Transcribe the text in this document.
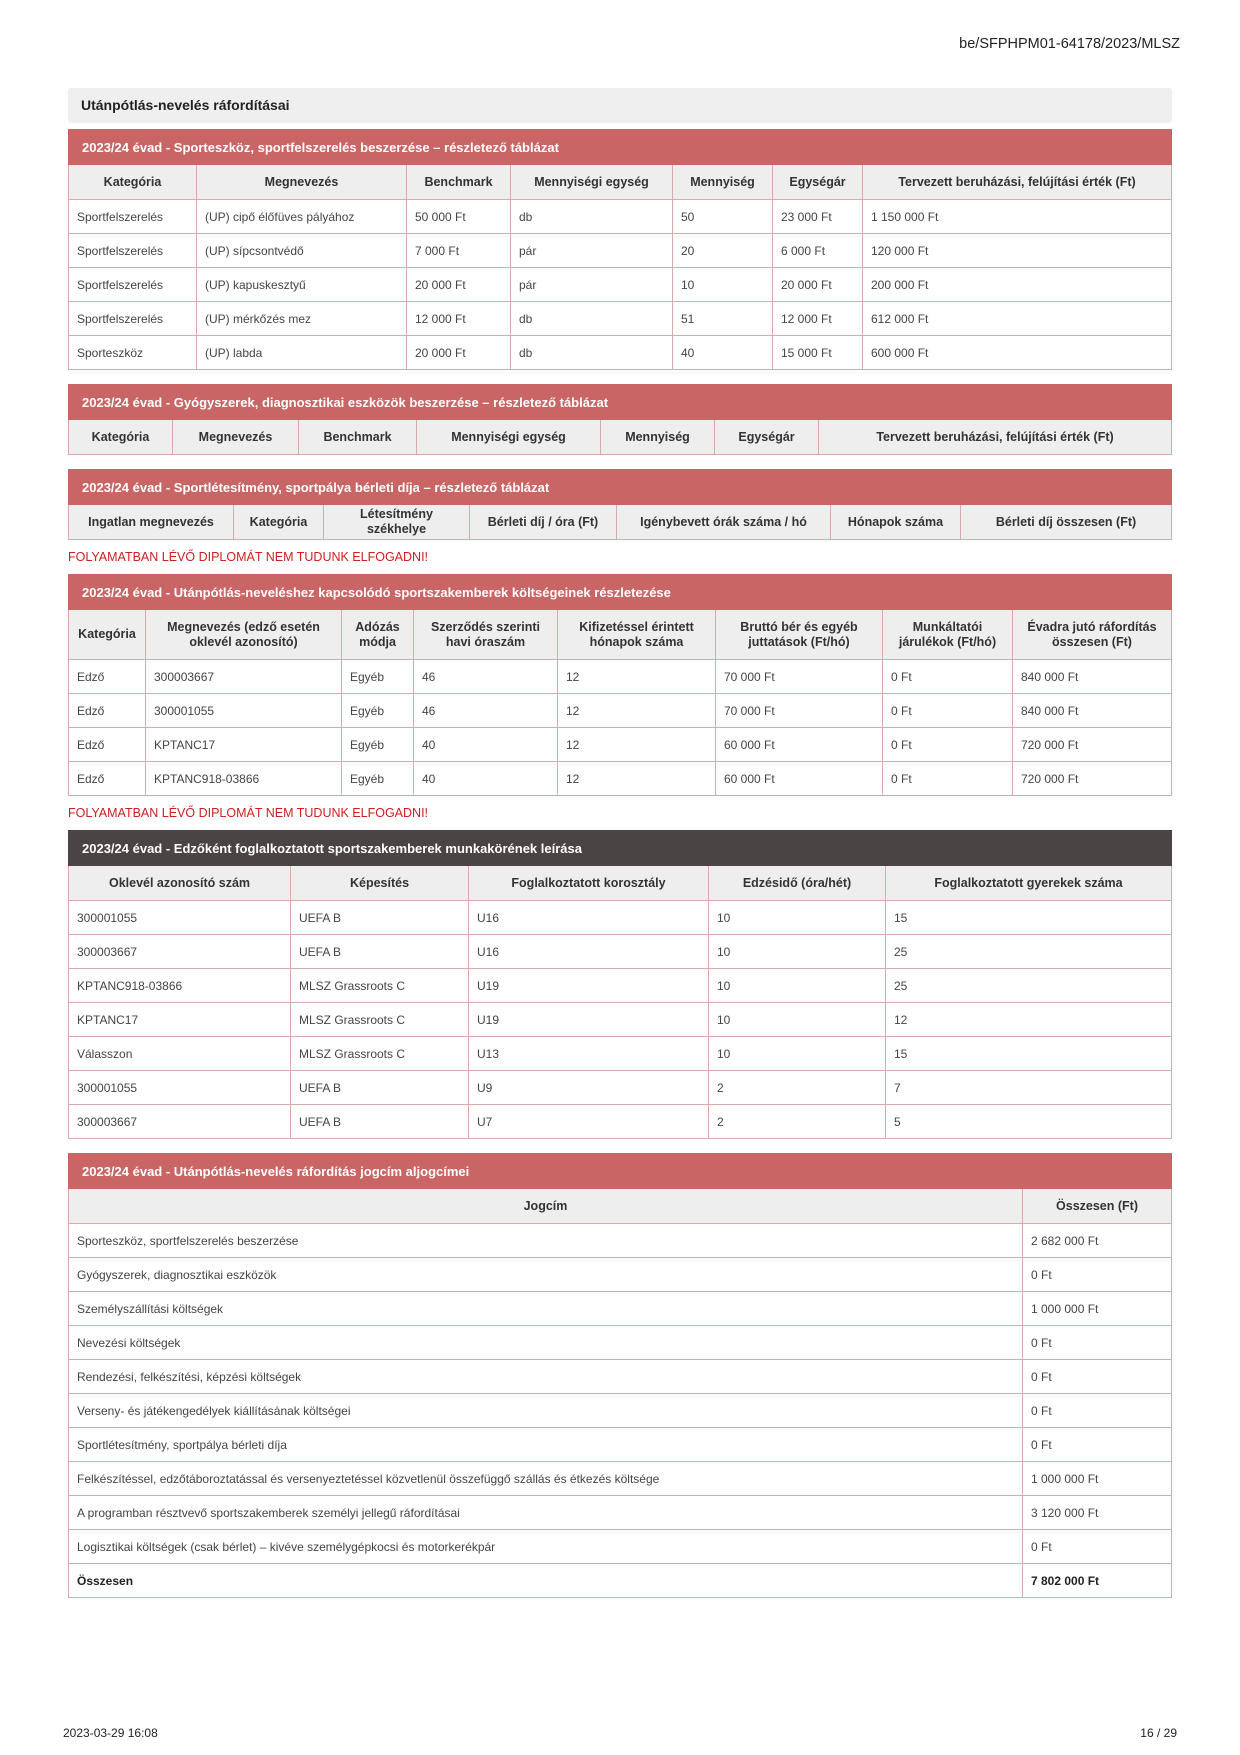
be/SFPHPM01-64178/2023/MLSZ
Utánpótlás-nevelés ráfordításai
2023/24 évad - Sporteszköz, sportfelszerelés beszerzése – részletező táblázat						
Kategória	Megnevezés	Benchmark	Mennyiségi egység	Mennyiség	Egységár	Tervezett beruházási, felújítási érték (Ft)
Sportfelszerelés	(UP) cipő élőfüves pályához	50 000 Ft	db	50	23 000 Ft	1 150 000 Ft
Sportfelszerelés	(UP) sípcsontvédő	7 000 Ft	pár	20	6 000 Ft	120 000 Ft
Sportfelszerelés	(UP) kapuskesztyű	20 000 Ft	pár	10	20 000 Ft	200 000 Ft
Sportfelszerelés	(UP) mérkőzés mez	12 000 Ft	db	51	12 000 Ft	612 000 Ft
Sporteszköz	(UP) labda	20 000 Ft	db	40	15 000 Ft	600 000 Ft
2023/24 évad - Gyógyszerek, diagnosztikai eszközök beszerzése – részletező táblázat
Kategória	Megnevezés	Benchmark	Mennyiségi egység	Mennyiség	Egységár	Tervezett beruházási, felújítási érték (Ft)
2023/24 évad - Sportlétesítmény, sportpálya bérleti díja – részletező táblázat
Ingatlan megnevezés	Kategória	Létesítmény székhelye	Bérleti díj / óra (Ft)	Igénybevett órák száma / hó	Hónapok száma	Bérleti díj összesen (Ft)
FOLYAMATBAN LÉVŐ DIPLOMÁT NEM TUDUNK ELFOGADNI!
2023/24 évad - Utánpótlás-neveléshez kapcsolódó sportszakemberek költségeinek részletezése							
Kategória	Megnevezés (edző esetén oklevél azonosító)	Adózás módja	Szerződés szerinti havi óraszám	Kifizetéssel érintett hónapok száma	Bruttó bér és egyéb juttatások (Ft/hó)	Munkáltatói járulékok (Ft/hó)	Évadra jutó ráfordítás összesen (Ft)
Edző	300003667	Egyéb	46	12	70 000 Ft	0 Ft	840 000 Ft
Edző	300001055	Egyéb	46	12	70 000 Ft	0 Ft	840 000 Ft
Edző	KPTANC17	Egyéb	40	12	60 000 Ft	0 Ft	720 000 Ft
Edző	KPTANC918-03866	Egyéb	40	12	60 000 Ft	0 Ft	720 000 Ft
FOLYAMATBAN LÉVŐ DIPLOMÁT NEM TUDUNK ELFOGADNI!
2023/24 évad - Edzőként foglalkoztatott sportszakemberek munkakörének leírása				
Oklevél azonosító szám	Képesítés	Foglalkoztatott korosztály	Edzésidő (óra/hét)	Foglalkoztatott gyerekek száma
300001055	UEFA B	U16	10	15
300003667	UEFA B	U16	10	25
KPTANC918-03866	MLSZ Grassroots C	U19	10	25
KPTANC17	MLSZ Grassroots C	U19	10	12
Válasszon	MLSZ Grassroots C	U13	10	15
300001055	UEFA B	U9	2	7
300003667	UEFA B	U7	2	5
2023/24 évad - Utánpótlás-nevelés ráfordítás jogcím aljogcímei	
Jogcím	Összesen (Ft)
Sporteszköz, sportfelszerelés beszerzése	2 682 000 Ft
Gyógyszerek, diagnosztikai eszközök	0 Ft
Személyszállítási költségek	1 000 000 Ft
Nevezési költségek	0 Ft
Rendezési, felkészítési, képzési költségek	0 Ft
Verseny- és játékengedélyek kiállításának költségei	0 Ft
Sportlétesítmény, sportpálya bérleti díja	0 Ft
Felkészítéssel, edzőtáboroztatással és versenyeztetéssel közvetlenül összefüggő szállás és étkezés költsége	1 000 000 Ft
A programban résztvevő sportszakemberek személyi jellegű ráfordításai	3 120 000 Ft
Logisztikai költségek (csak bérlet) – kivéve személygépkocsi és motorkerékpár	0 Ft
Összesen	7 802 000 Ft
2023-03-29 16:08	16 / 29
